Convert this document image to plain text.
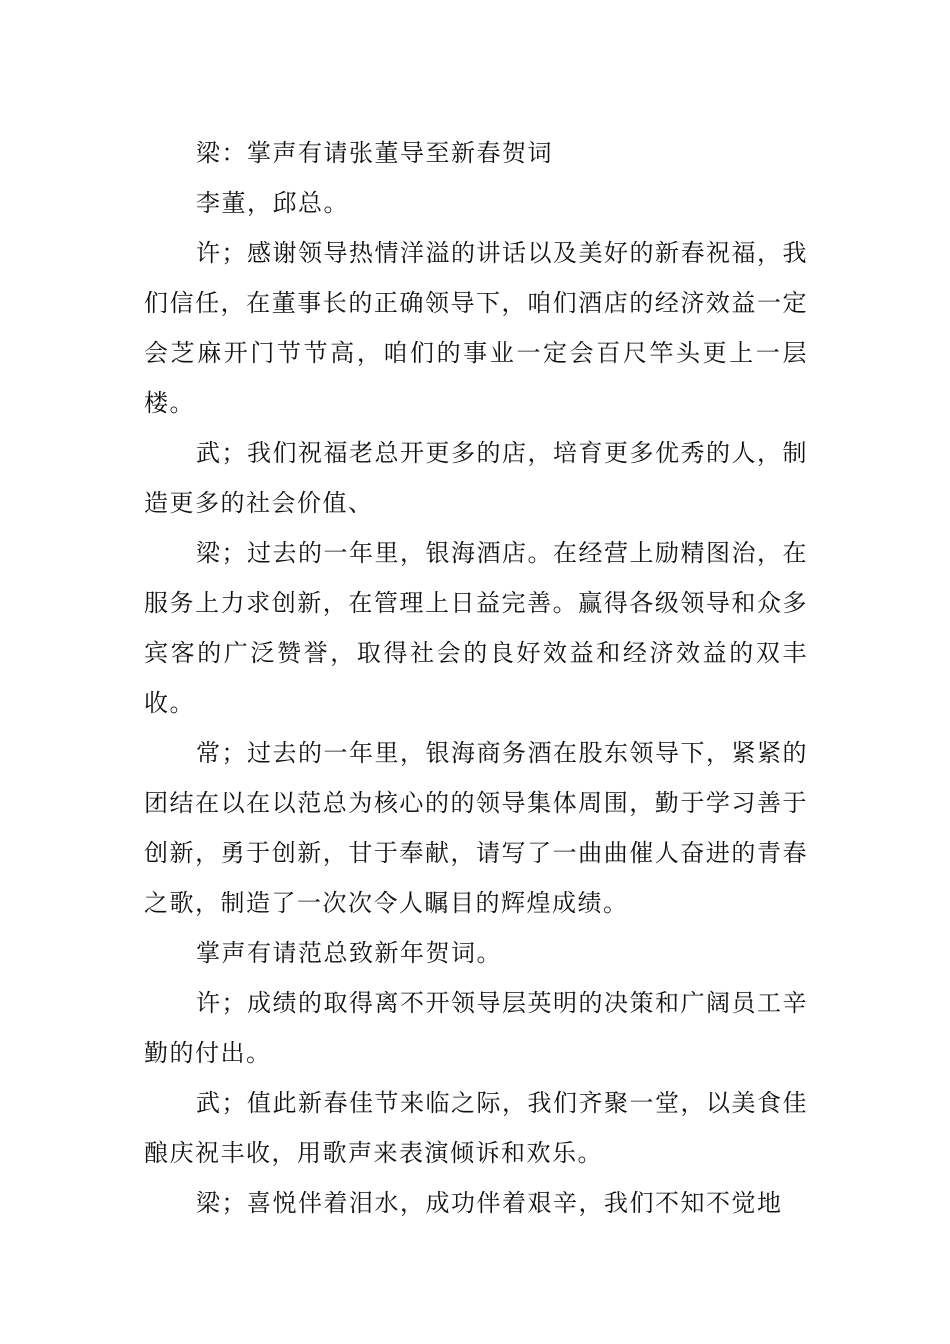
梁：掌声有请张董导至新春贺词

李董，邱总。

许；感谢领导热情洋溢的讲话以及美好的新春祝福，我们信任，在董事长的正确领导下，咱们酒店的经济效益一定会芝麻开门节节高，咱们的事业一定会百尺竿头更上一层楼。

武；我们祝福老总开更多的店，培育更多优秀的人，制造更多的社会价值、

梁；过去的一年里，银海酒店。在经营上励精图治，在服务上力求创新，在管理上日益完善。赢得各级领导和众多宾客的广泛赞誉，取得社会的良好效益和经济效益的双丰收。

常；过去的一年里，银海商务酒在股东领导下，紧紧的团结在以在以范总为核心的的领导集体周围，勤于学习善于创新，勇于创新，甘于奉献，请写了一曲曲催人奋进的青春之歌，制造了一次次令人瞩目的辉煌成绩。

掌声有请范总致新年贺词。

许；成绩的取得离不开领导层英明的决策和广阔员工辛勤的付出。

武；值此新春佳节来临之际，我们齐聚一堂，以美食佳酿庆祝丰收，用歌声来表演倾诉和欢乐。

梁；喜悦伴着泪水，成功伴着艰辛，我们不知不觉地
